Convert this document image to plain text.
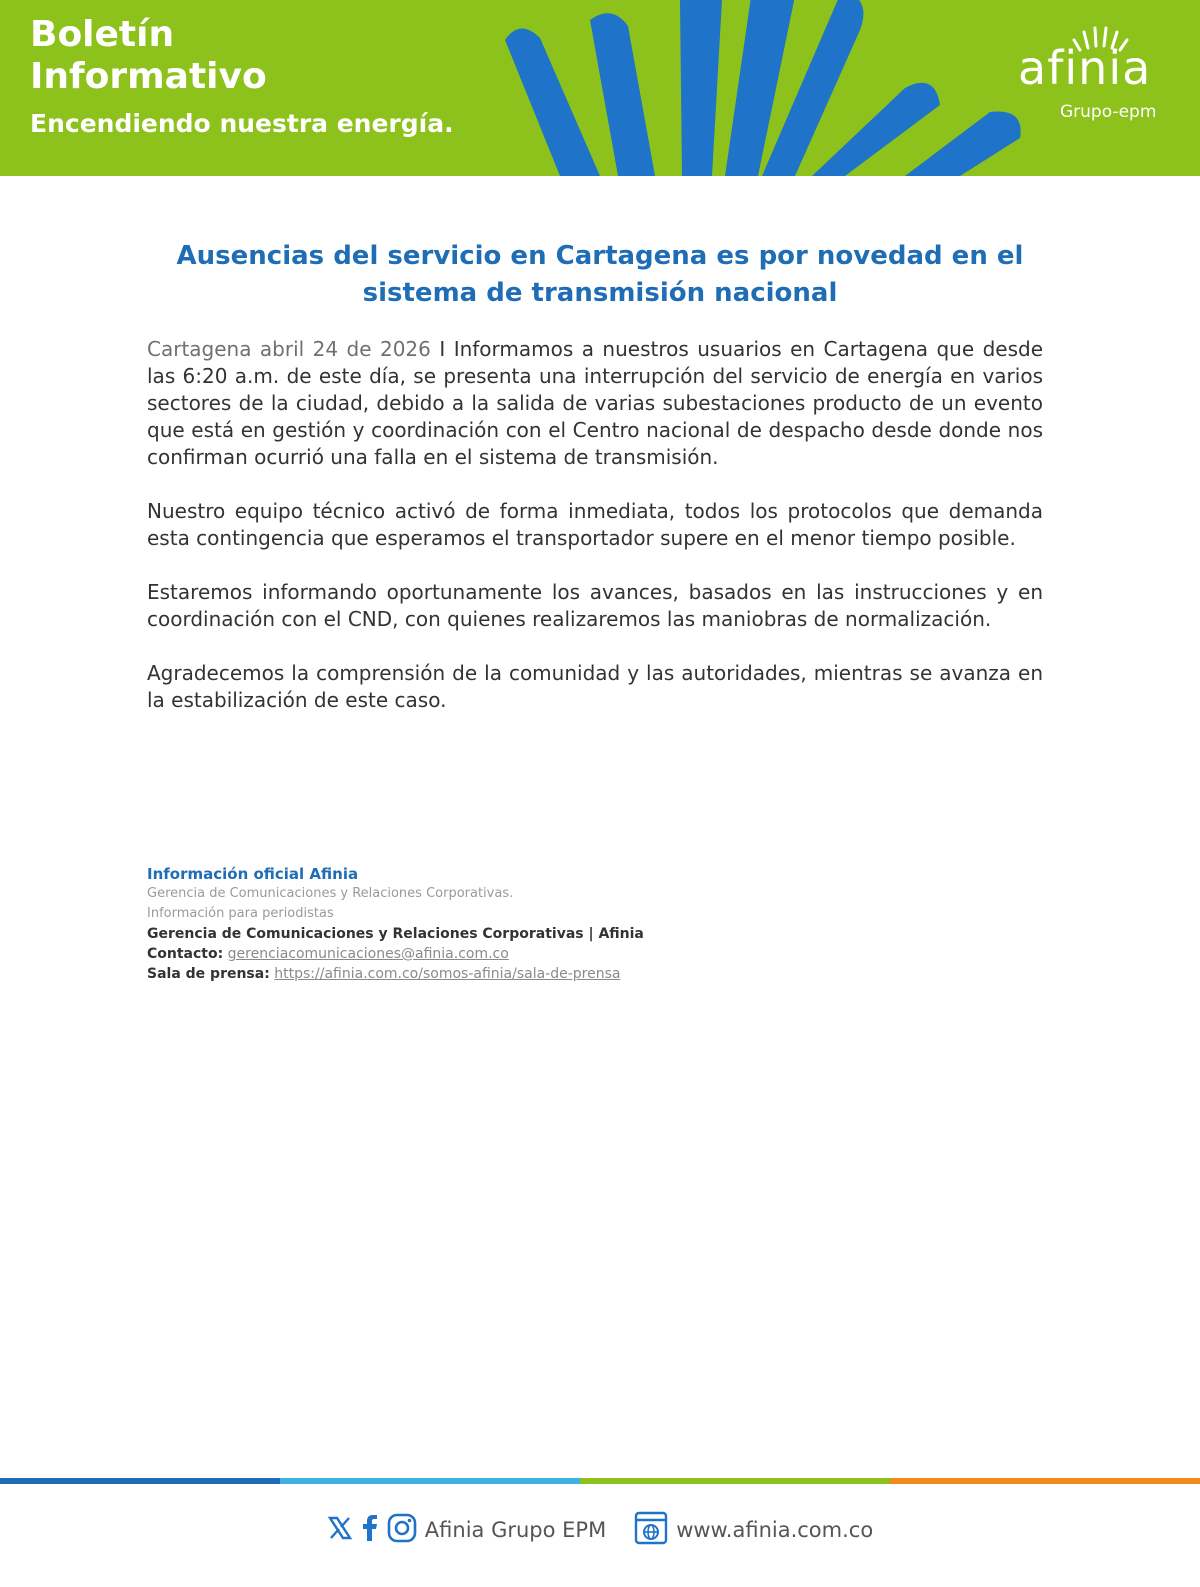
Boletín
Informativo
Encendiendo nuestra energía.
afinia
Grupo-epm
Ausencias del servicio en Cartagena es por novedad en el
sistema de transmisión nacional

Cartagena abril 24 de 2026 I Informamos a nuestros usuarios en Cartagena que desde las 6:20 a.m. de este día, se presenta una interrupción del servicio de energía en varios sectores de la ciudad, debido a la salida de varias subestaciones producto de un evento que está en gestión y coordinación con el Centro nacional de despacho desde donde nos confirman ocurrió una falla en el sistema de transmisión.

Nuestro equipo técnico activó de forma inmediata, todos los protocolos que demanda esta contingencia que esperamos el transportador supere en el menor tiempo posible.

Estaremos informando oportunamente los avances, basados en las instrucciones y en coordinación con el CND, con quienes realizaremos las maniobras de normalización.

Agradecemos la comprensión de la comunidad y las autoridades, mientras se avanza en la estabilización de este caso.

Información oficial Afinia
Gerencia de Comunicaciones y Relaciones Corporativas.
Información para periodistas
Gerencia de Comunicaciones y Relaciones Corporativas | Afinia
Contacto: gerenciacomunicaciones@afinia.com.co
Sala de prensa: https://afinia.com.co/somos-afinia/sala-de-prensa
Afinia Grupo EPM	www.afinia.com.co
